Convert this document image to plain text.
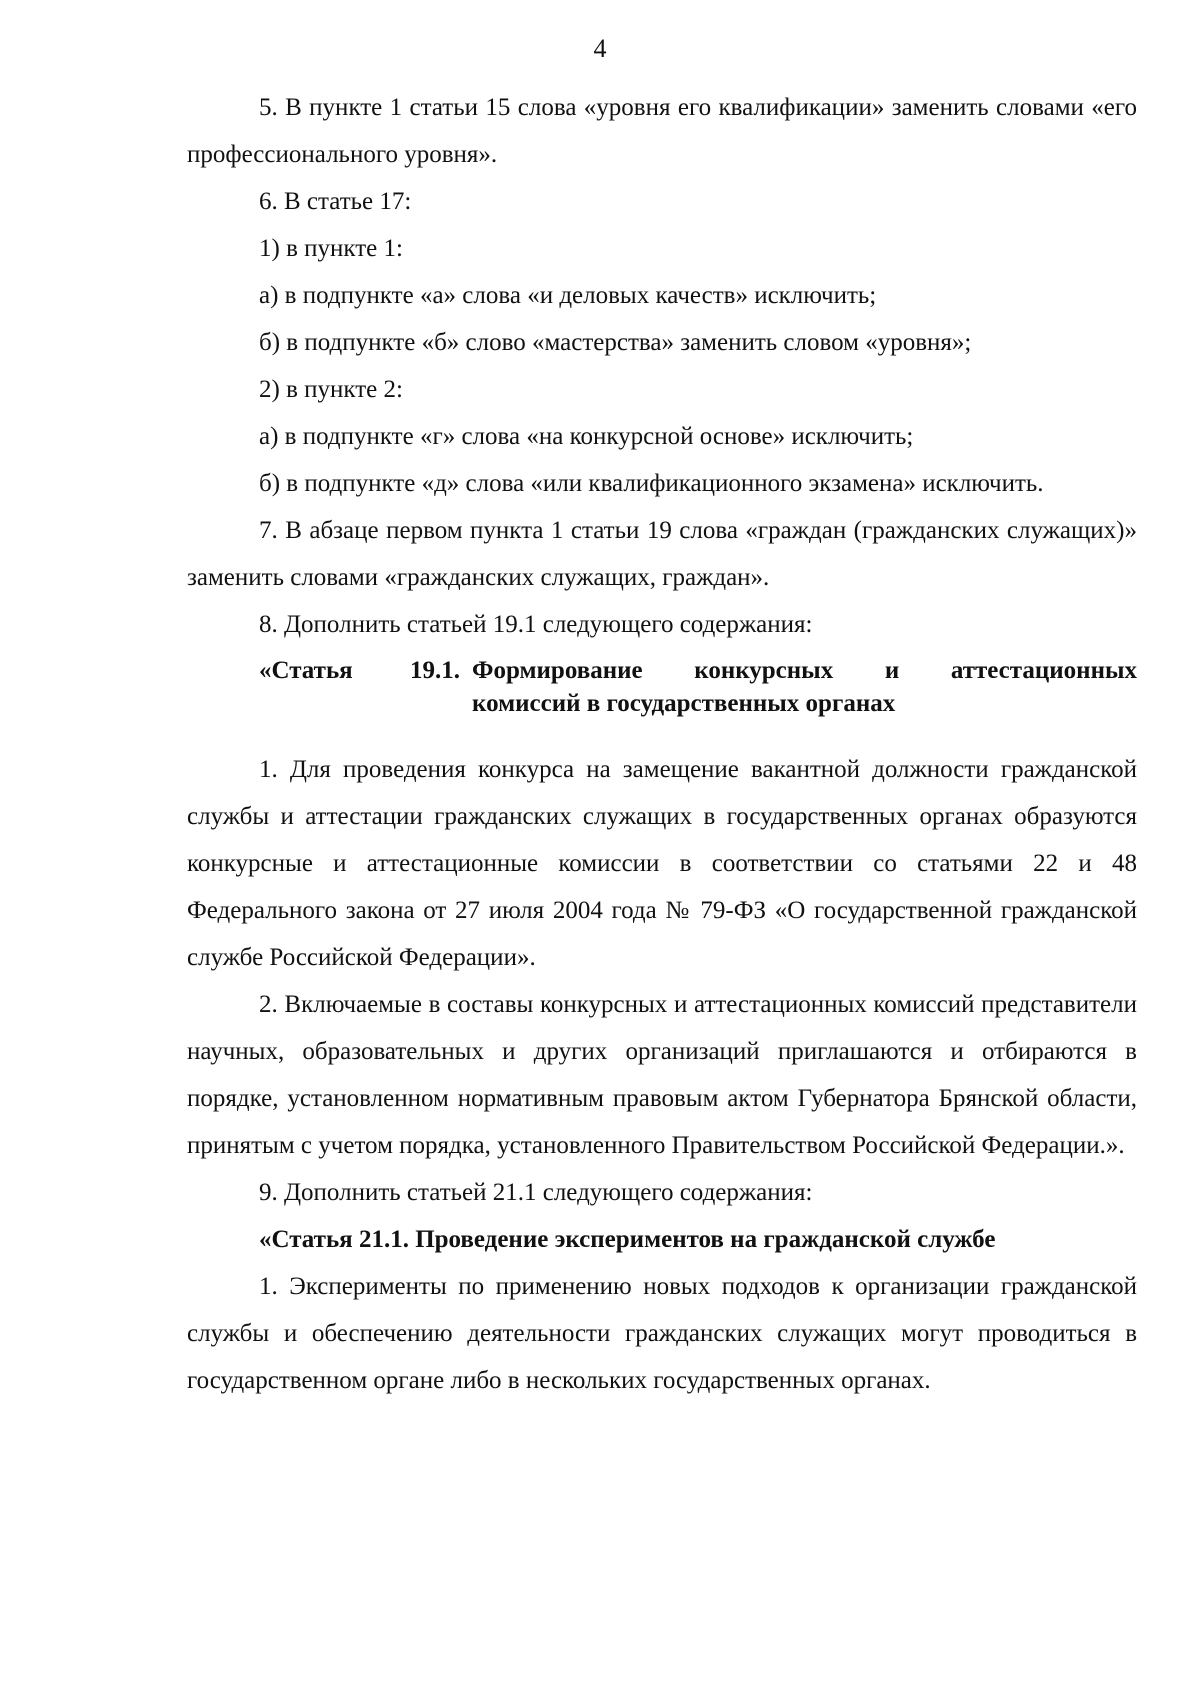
4

5. В пункте 1 статьи 15 слова «уровня его квалификации» заменить словами «его профессионального уровня».

6. В статье 17:

1) в пункте 1:

а) в подпункте «а» слова «и деловых качеств» исключить;

б) в подпункте «б» слово «мастерства» заменить словом «уровня»;

2) в пункте 2:

а) в подпункте «г» слова «на конкурсной основе» исключить;

б) в подпункте «д» слова «или квалификационного экзамена» исключить.

7. В абзаце первом пункта 1 статьи 19 слова «граждан (гражданских служащих)» заменить словами «гражданских служащих, граждан».

8. Дополнить статьей 19.1 следующего содержания:

«Статья 19.1. Формирование конкурсных и аттестационных
комиссий в государственных органах

1. Для проведения конкурса на замещение вакантной должности гражданской службы и аттестации гражданских служащих в государственных органах образуются конкурсные и аттестационные комиссии в соответствии со статьями 22 и 48 Федерального закона от 27 июля 2004 года № 79-ФЗ «О государственной гражданской службе Российской Федерации».

2. Включаемые в составы конкурсных и аттестационных комиссий представители научных, образовательных и других организаций приглашаются и отбираются в порядке, установленном нормативным правовым актом Губернатора Брянской области, принятым с учетом порядка, установленного Правительством Российской Федерации.».

9. Дополнить статьей 21.1 следующего содержания:

«Статья 21.1. Проведение экспериментов на гражданской службе

1. Эксперименты по применению новых подходов к организации гражданской службы и обеспечению деятельности гражданских служащих могут проводиться в государственном органе либо в нескольких государственных органах.
